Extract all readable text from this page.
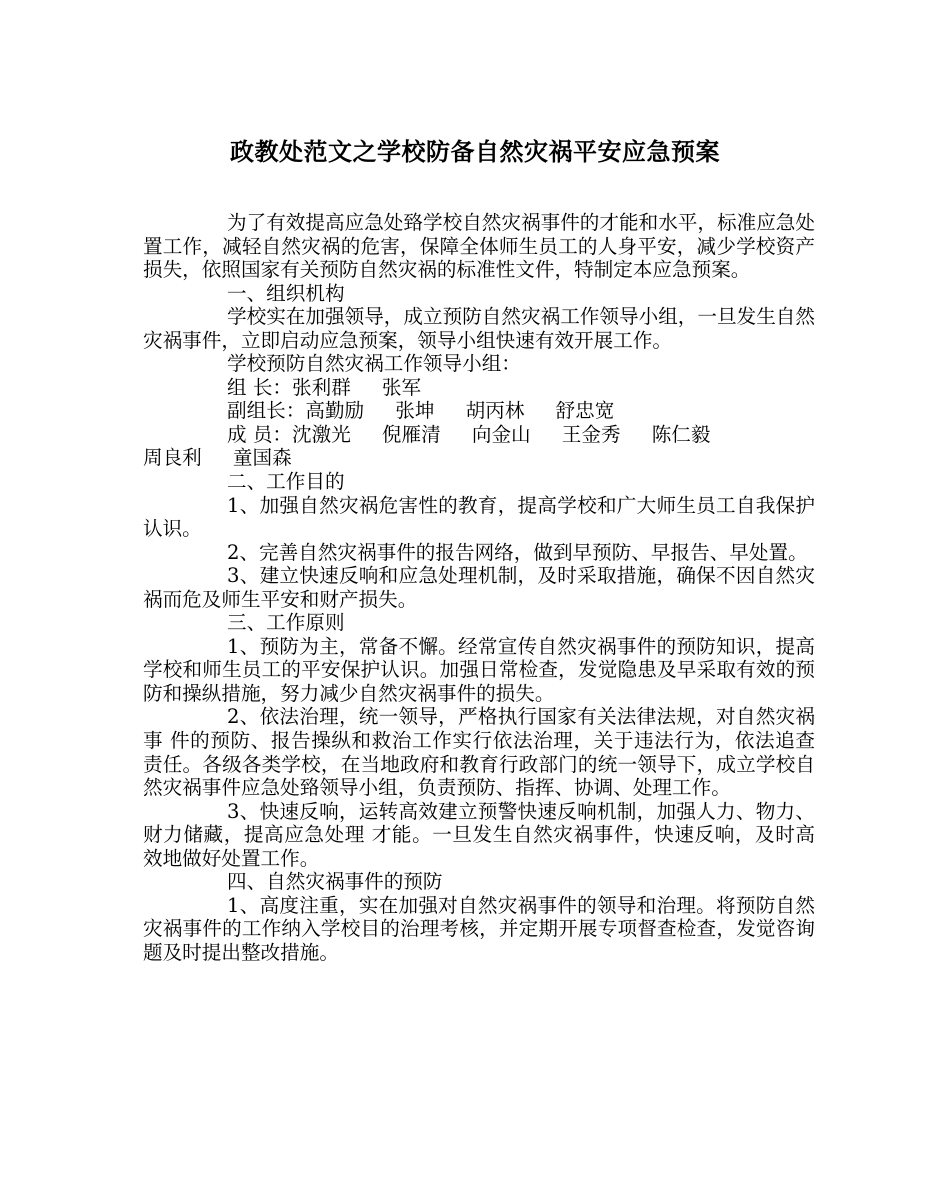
政教处范文之学校防备自然灾祸平安应急预案

为了有效提高应急处臵学校自然灾祸事件的才能和水平，标准应急处置工作，减轻自然灾祸的危害，保障全体师生员工的人身平安，减少学校资产损失，依照国家有关预防自然灾祸的标准性文件，特制定本应急预案。

一、组织机构

学校实在加强领导，成立预防自然灾祸工作领导小组，一旦发生自然灾祸事件，立即启动应急预案，领导小组快速有效开展工作。

学校预防自然灾祸工作领导小组：

组 长：张利群     张军

副组长：高勤励     张坤     胡丙林     舒忠宽

成 员：沈激光     倪雁清     向金山     王金秀     陈仁毅

周良利     童国森

二、工作目的

1、加强自然灾祸危害性的教育，提高学校和广大师生员工自我保护认识。

2、完善自然灾祸事件的报告网络，做到早预防、早报告、早处置。

3、建立快速反响和应急处理机制，及时采取措施，确保不因自然灾祸而危及师生平安和财产损失。

三、工作原则

1、预防为主，常备不懈。经常宣传自然灾祸事件的预防知识，提高学校和师生员工的平安保护认识。加强日常检查，发觉隐患及早采取有效的预防和操纵措施，努力减少自然灾祸事件的损失。

2、依法治理，统一领导，严格执行国家有关法律法规，对自然灾祸事 件的预防、报告操纵和救治工作实行依法治理，关于违法行为，依法追查责任。各级各类学校，在当地政府和教育行政部门的统一领导下，成立学校自然灾祸事件应急处臵领导小组，负责预防、指挥、协调、处理工作。

3、快速反响，运转高效建立预警快速反响机制，加强人力、物力、财力储藏，提高应急处理 才能。一旦发生自然灾祸事件，快速反响，及时高效地做好处置工作。

四、自然灾祸事件的预防

1、高度注重，实在加强对自然灾祸事件的领导和治理。将预防自然灾祸事件的工作纳入学校目的治理考核，并定期开展专项督查检查，发觉咨询题及时提出整改措施。
